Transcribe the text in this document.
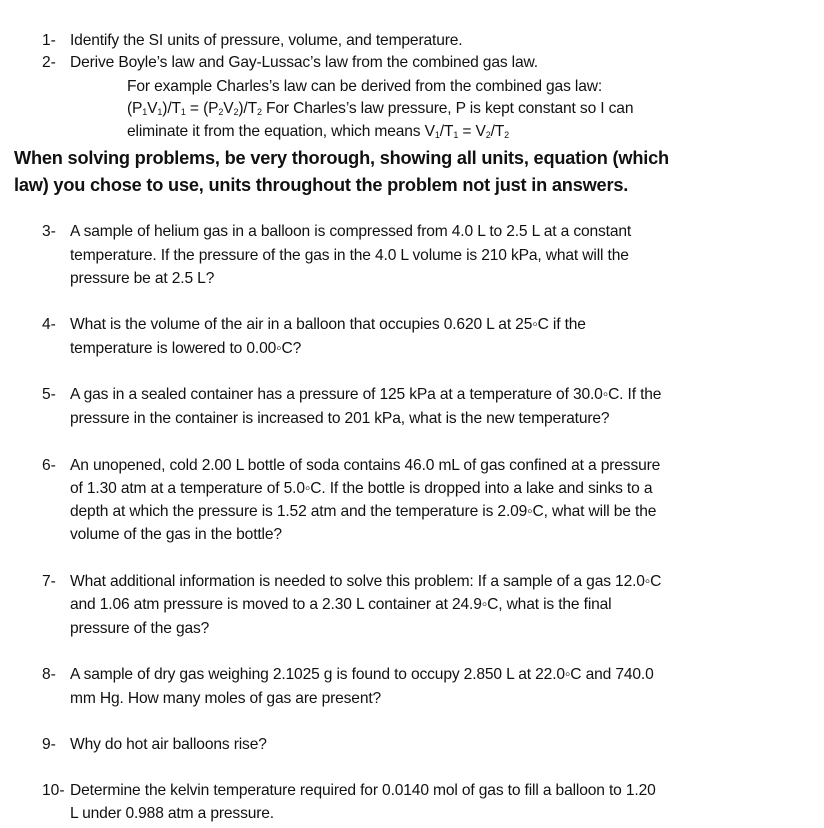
1- Identify the SI units of pressure, volume, and temperature.
2- Derive Boyle’s law and Gay-Lussac’s law from the combined gas law.
For example Charles’s law can be derived from the combined gas law:
$(P_1V_1)/T_1 = (P_2V_2)/T_2$ For Charles’s law pressure, P is kept constant so I can
eliminate it from the equation, which means $V_1/T_1 = V_2/T_2$
When solving problems, be very thorough, showing all units, equation (which
law) you chose to use, units throughout the problem not just in answers.
3- A sample of helium gas in a balloon is compressed from 4.0 L to 2.5 L at a constant
temperature. If the pressure of the gas in the 4.0 L volume is 210 kPa, what will the
pressure be at 2.5 L?
4- What is the volume of the air in a balloon that occupies 0.620 L at 25◦C if the
temperature is lowered to 0.00◦C?
5- A gas in a sealed container has a pressure of 125 kPa at a temperature of 30.0◦C. If the
pressure in the container is increased to 201 kPa, what is the new temperature?
6- An unopened, cold 2.00 L bottle of soda contains 46.0 mL of gas confined at a pressure
of 1.30 atm at a temperature of 5.0◦C. If the bottle is dropped into a lake and sinks to a
depth at which the pressure is 1.52 atm and the temperature is 2.09◦C, what will be the
volume of the gas in the bottle?
7- What additional information is needed to solve this problem: If a sample of a gas 12.0◦C
and 1.06 atm pressure is moved to a 2.30 L container at 24.9◦C, what is the final
pressure of the gas?
8- A sample of dry gas weighing 2.1025 g is found to occupy 2.850 L at 22.0◦C and 740.0
mm Hg. How many moles of gas are present?
9- Why do hot air balloons rise?
10- Determine the kelvin temperature required for 0.0140 mol of gas to fill a balloon to 1.20
L under 0.988 atm a pressure.
